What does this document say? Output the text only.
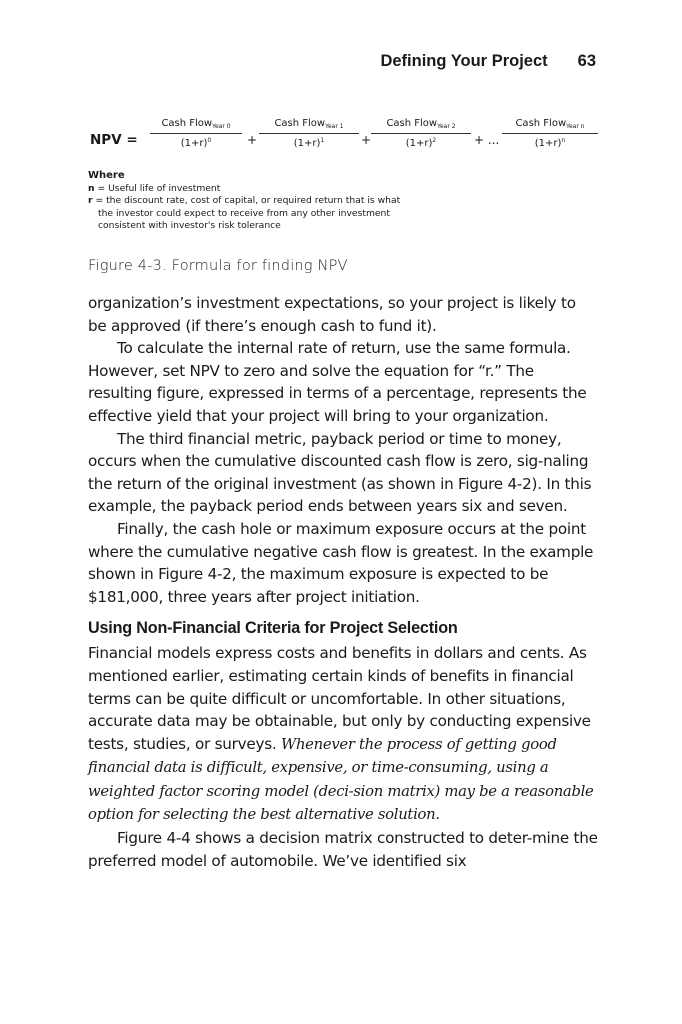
Defining Your Project 63
NPV =
Cash Flow$_{Year 0}$
$(1+r)^0$	+
Cash Flow$_{Year 1}$
$(1+r)^1$	+
Cash Flow$_{Year 2}$
$(1+r)^2$	+ ...
Cash Flow$_{Year n}$
$(1+r)^n$
Where
n = Useful life of investment
r = the discount rate, cost of capital, or required return that is what
the investor could expect to receive from any other investment
consistent with investor's risk tolerance
Figure 4-3. Formula for finding NPV

organization’s investment expectations, so your project is likely to be approved (if there’s enough cash to fund it).

To calculate the internal rate of return, use the same formula. However, set NPV to zero and solve the equation for “r.” The resulting figure, expressed in terms of a percentage, represents the effective yield that your project will bring to your organization.

The third financial metric, payback period or time to money, occurs when the cumulative discounted cash flow is zero, sig-naling the return of the original investment (as shown in Figure 4-2). In this example, the payback period ends between years six and seven.

Finally, the cash hole or maximum exposure occurs at the point where the cumulative negative cash flow is greatest. In the example shown in Figure 4-2, the maximum exposure is expected to be $181,000, three years after project initiation.

Using Non-Financial Criteria for Project Selection

Financial models express costs and benefits in dollars and cents. As mentioned earlier, estimating certain kinds of benefits in financial terms can be quite difficult or uncomfortable. In other situations, accurate data may be obtainable, but only by conducting expensive tests, studies, or surveys. Whenever the process of getting good financial data is difficult, expensive, or time-consuming, using a weighted factor scoring model (deci-sion matrix) may be a reasonable option for selecting the best alternative solution.

Figure 4-4 shows a decision matrix constructed to deter-mine the preferred model of automobile. We’ve identified six
